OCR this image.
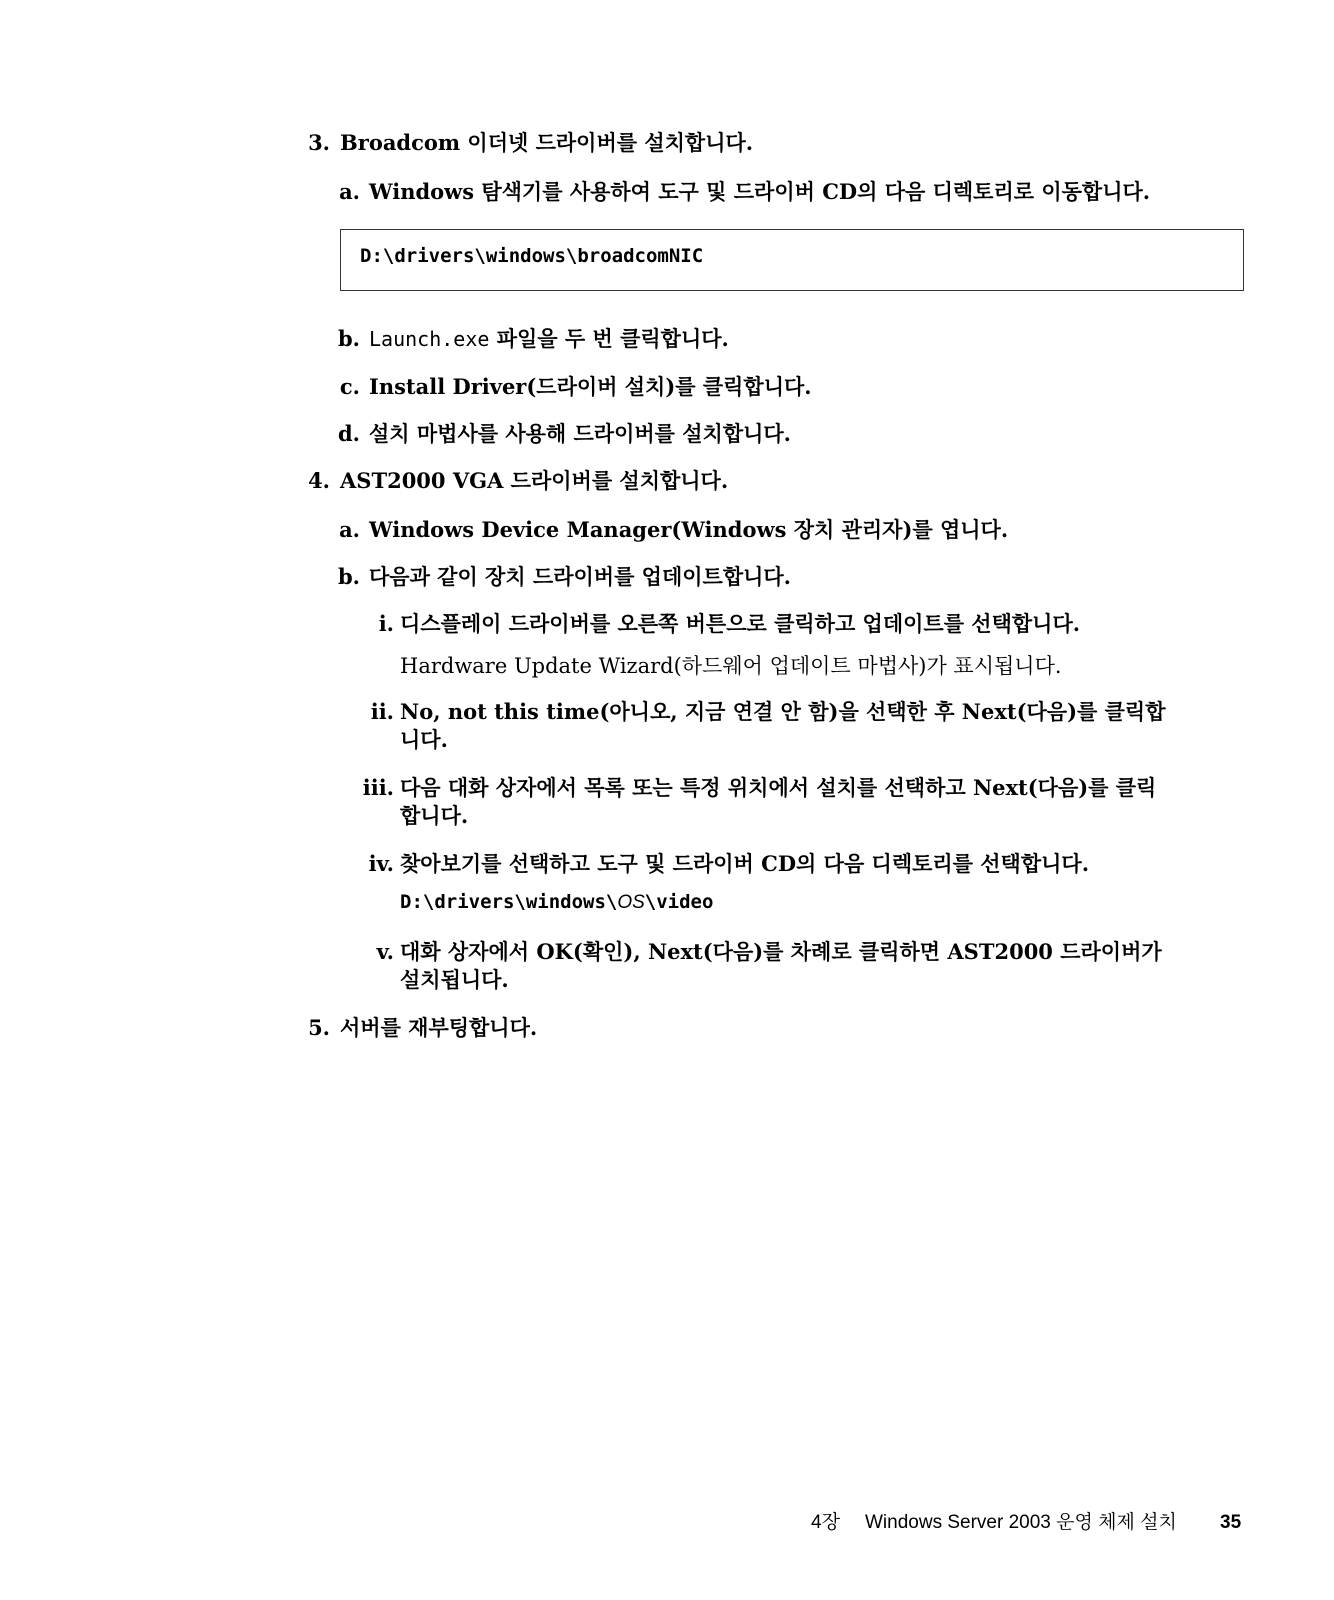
3. Broadcom 이더넷 드라이버를 설치합니다.
a. Windows 탐색기를 사용하여 도구 및 드라이버 CD의 다음 디렉토리로 이동합니다.
D:\drivers\windows\broadcomNIC
b. Launch.exe 파일을 두 번 클릭합니다.
c. Install Driver(드라이버 설치)를 클릭합니다.
d. 설치 마법사를 사용해 드라이버를 설치합니다.
4. AST2000 VGA 드라이버를 설치합니다.
a. Windows Device Manager(Windows 장치 관리자)를 엽니다.
b. 다음과 같이 장치 드라이버를 업데이트합니다.
i. 디스플레이 드라이버를 오른쪽 버튼으로 클릭하고 업데이트를 선택합니다.
Hardware Update Wizard(하드웨어 업데이트 마법사)가 표시됩니다.
ii. No, not this time(아니오, 지금 연결 안 함)을 선택한 후 Next(다음)를 클릭합
니다.
iii. 다음 대화 상자에서 목록 또는 특정 위치에서 설치를 선택하고 Next(다음)를 클릭
합니다.
iv. 찾아보기를 선택하고 도구 및 드라이버 CD의 다음 디렉토리를 선택합니다.
D:\drivers\windows\OS\video
v. 대화 상자에서 OK(확인), Next(다음)를 차례로 클릭하면 AST2000 드라이버가
설치됩니다.
5. 서버를 재부팅합니다.
4장 Windows Server 2003 운영 체제 설치 35
